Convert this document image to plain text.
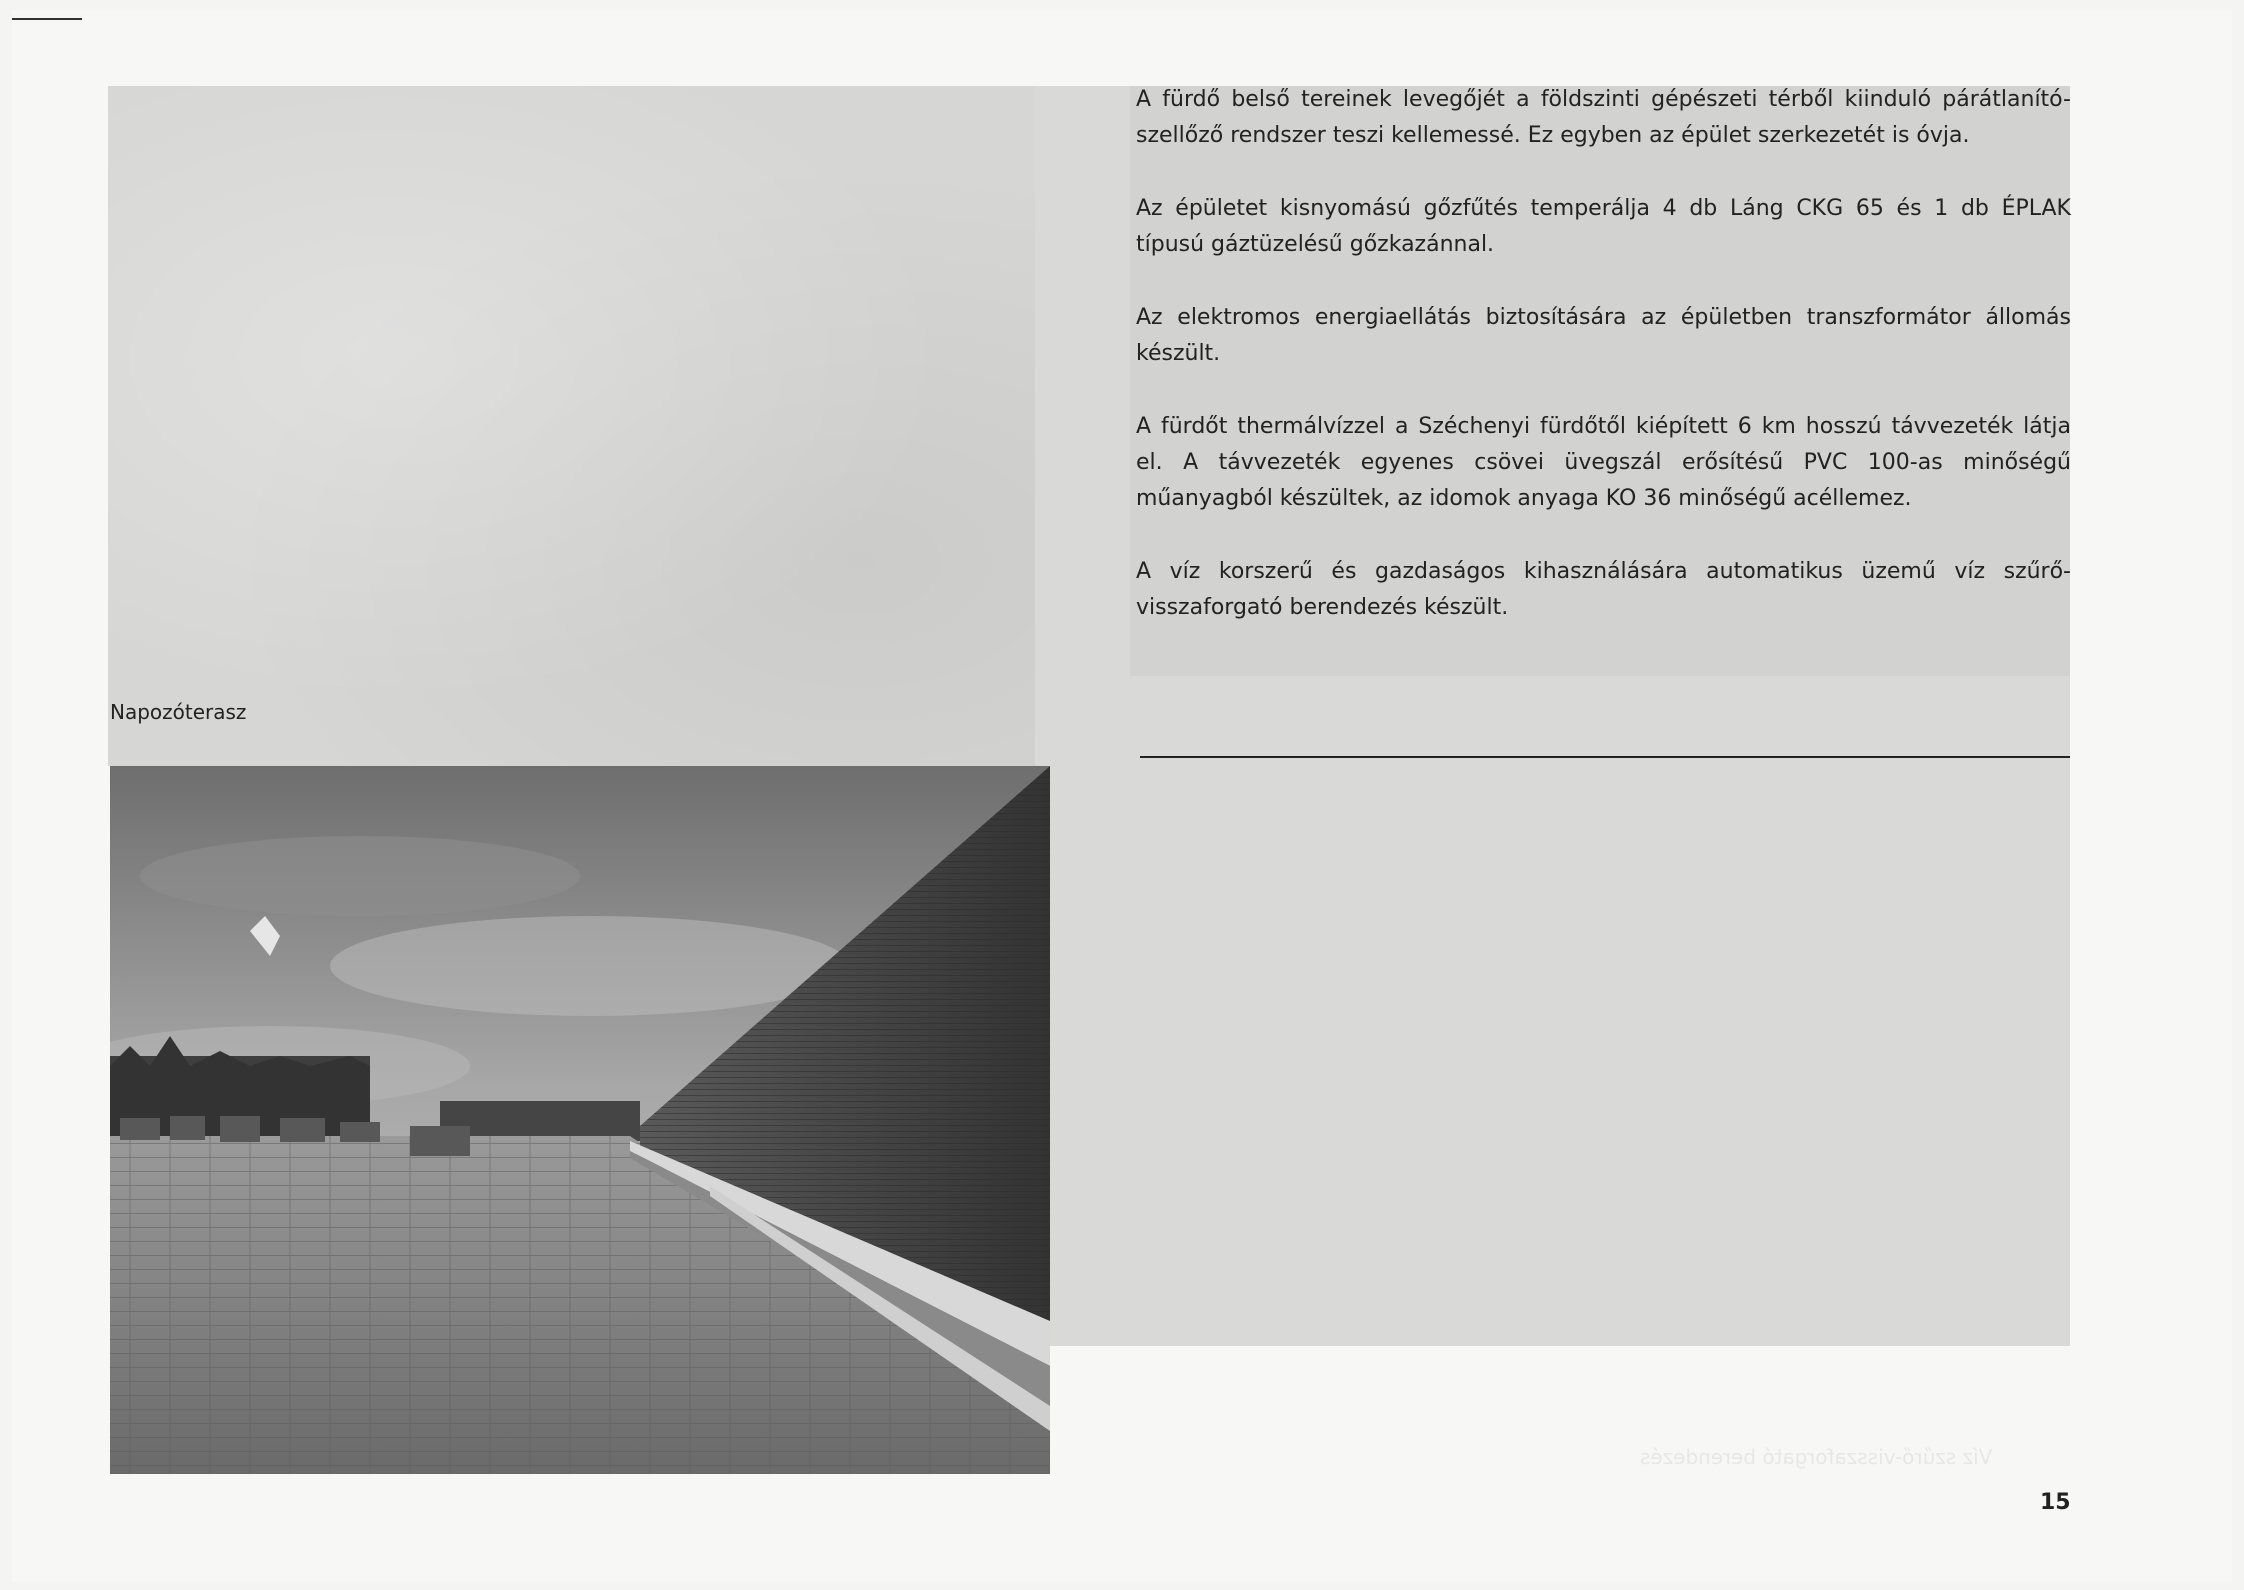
A fürdő belső tereinek levegőjét a földszinti gépészeti térből kiinduló párátlanító-szellőző rendszer teszi kellemessé. Ez egyben az épület szerkezetét is óvja.

Az épületet kisnyomású gőzfűtés temperálja 4 db Láng CKG 65 és 1 db ÉPLAK típusú gáztüzelésű gőzkazánnal.

Az elektromos energiaellátás biztosítására az épületben transzformátor állomás készült.

A fürdőt thermálvízzel a Széchenyi fürdőtől kiépített 6 km hosszú távvezeték látja el. A távvezeték egyenes csövei üvegszál erősítésű PVC 100-as minőségű műanyagból készültek, az idomok anyaga KO 36 minőségű acéllemez.

A víz korszerű és gazdaságos kihasználására automatikus üzemű víz szűrő-visszaforgató berendezés készült.

Napozóterasz
Víz szűrő-visszaforgató berendezés
15
